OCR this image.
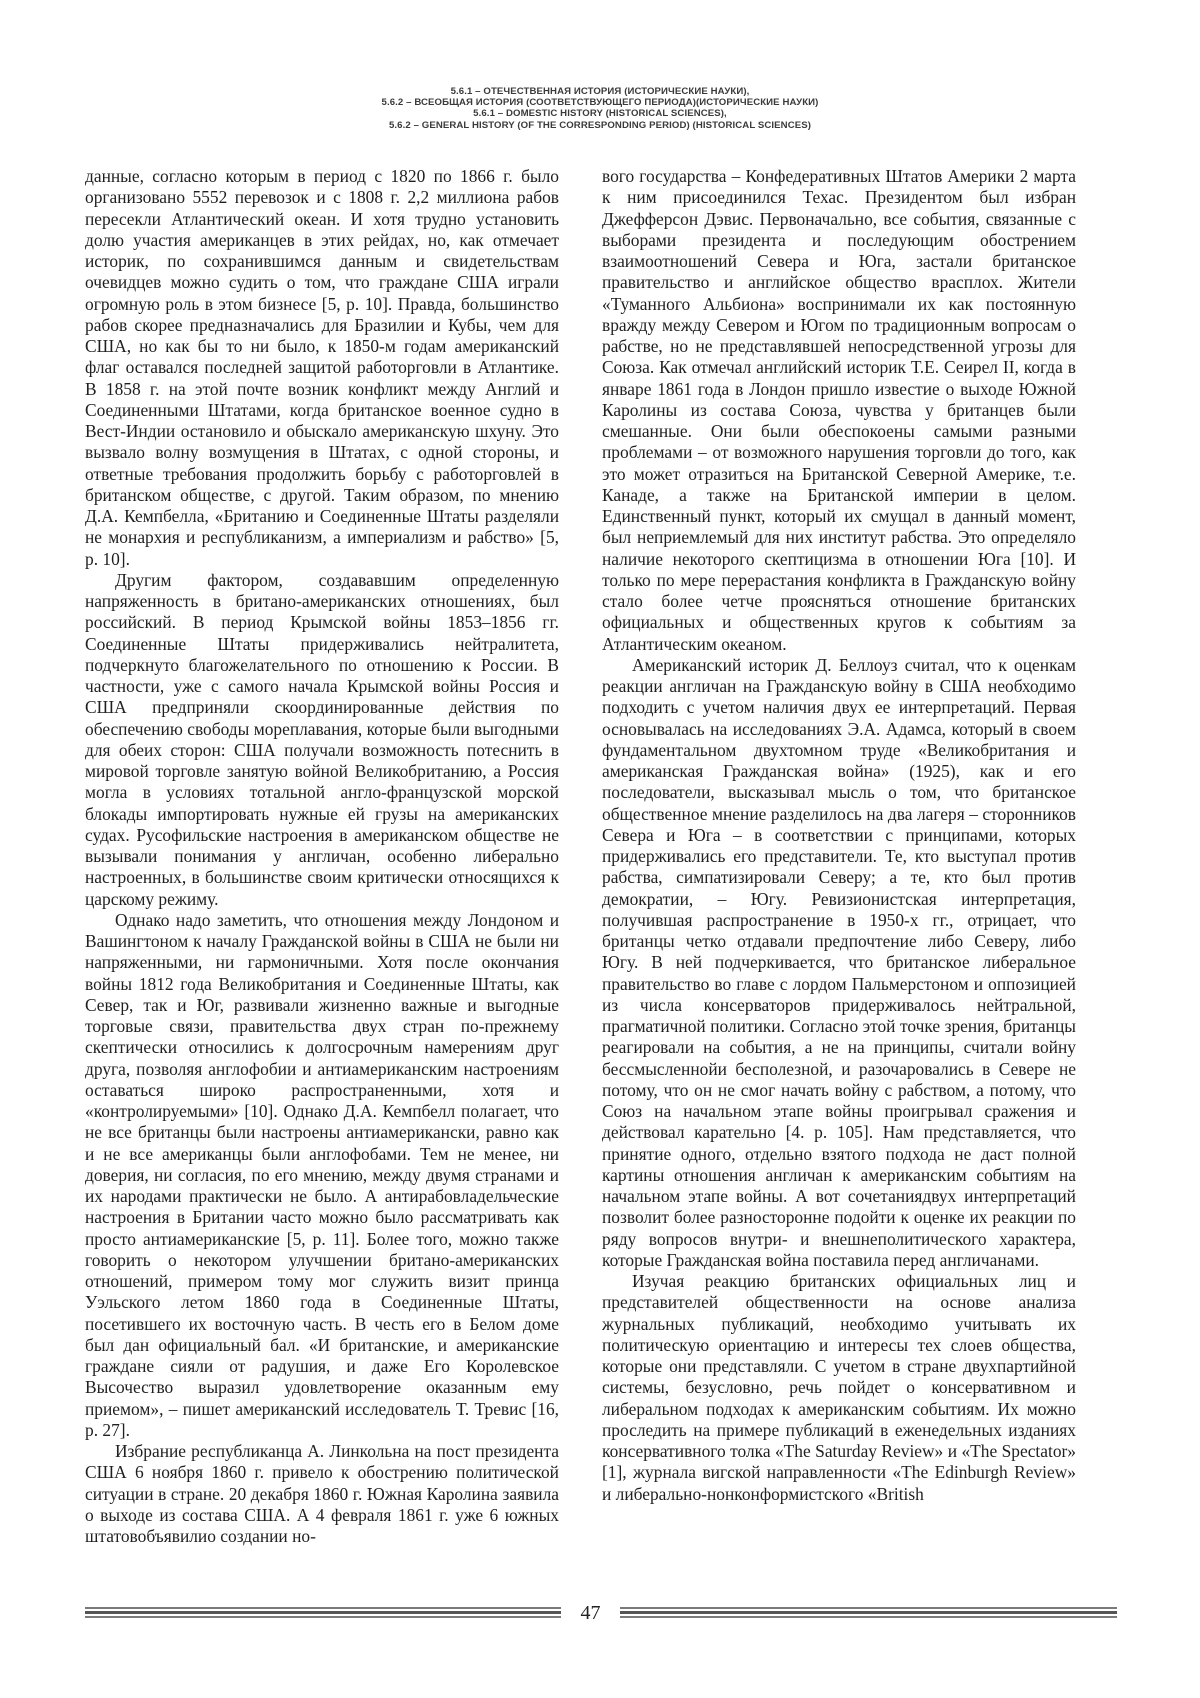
5.6.1 – ОТЕЧЕСТВЕННАЯ ИСТОРИЯ (ИСТОРИЧЕСКИЕ НАУКИ),
5.6.2 – ВСЕОБЩАЯ ИСТОРИЯ (СООТВЕТСТВУЮЩЕГО ПЕРИОДА)(ИСТОРИЧЕСКИЕ НАУКИ)
5.6.1 – DOMESTIC HISTORY (HISTORICAL SCIENCES),
5.6.2 – GENERAL HISTORY (OF THE CORRESPONDING PERIOD) (HISTORICAL SCIENCES)

данные, согласно которым в период с 1820 по 1866 г. было организовано 5552 перевозок и с 1808 г. 2,2 миллиона рабов пересекли Атлантический океан. И хотя трудно установить долю участия американцев в этих рейдах, но, как отмечает историк, по сохранившимся данным и свидетельствам очевидцев можно судить о том, что граждане США играли огромную роль в этом бизнесе [5, p. 10]. Правда, большинство рабов скорее предназначались для Бразилии и Кубы, чем для США, но как бы то ни было, к 1850-м годам американский флаг оставался последней защитой работорговли в Атлантике. В 1858 г. на этой почте возник конфликт между Англий и Соединенными Штатами, когда британское военное судно в Вест-Индии остановило и обыскало американскую шхуну. Это вызвало волну возмущения в Штатах, с одной стороны, и ответные требования продолжить борьбу с работорговлей в британском обществе, с другой. Таким образом, по мнению Д.А. Кемпбелла, «Британию и Соединенные Штаты разделяли не монархия и республиканизм, а империализм и рабство» [5, p. 10].

Другим фактором, создававшим определенную напряженность в британо-американских отношениях, был российский. В период Крымской войны 1853–1856 гг. Соединенные Штаты придерживались нейтралитета, подчеркнуто благожелательного по отношению к России. В частности, уже с самого начала Крымской войны Россия и США предприняли скоординированные действия по обеспечению свободы мореплавания, которые были выгодными для обеих сторон: США получали возможность потеснить в мировой торговле занятую войной Великобританию, а Россия могла в условиях тотальной англо-французской морской блокады импортировать нужные ей грузы на американских судах. Русофильские настроения в американском обществе не вызывали понимания у англичан, особенно либерально настроенных, в большинстве своим критически относящихся к царскому режиму.

Однако надо заметить, что отношения между Лондоном и Вашингтоном к началу Гражданской войны в США не были ни напряженными, ни гармоничными. Хотя после окончания войны 1812 года Великобритания и Соединенные Штаты, как Север, так и Юг, развивали жизненно важные и выгодные торговые связи, правительства двух стран по-прежнему скептически относились к долгосрочным намерениям друг друга, позволяя англофобии и антиамериканским настроениям оставаться широко распространенными, хотя и «контролируемыми» [10]. Однако Д.А. Кемпбелл полагает, что не все британцы были настроены антиамерикански, равно как и не все американцы были англофобами. Тем не менее, ни доверия, ни согласия, по его мнению, между двумя странами и их народами практически не было. А антирабовладельческие настроения в Британии часто можно было рассматривать как просто антиамериканские [5, p. 11]. Более того, можно также говорить о некотором улучшении британо-американских отношений, примером тому мог служить визит принца Уэльского летом 1860 года в Соединенные Штаты, посетившего их восточную часть. В честь его в Белом доме был дан официальный бал. «И британские, и американские граждане сияли от радушия, и даже Его Королевское Высочество выразил удовлетворение оказанным ему приемом», – пишет американский исследователь Т. Тревис [16, p. 27].

Избрание республиканца А. Линкольна на пост президента США 6 ноября 1860 г. привело к обострению политической ситуации в стране. 20 декабря 1860 г. Южная Каролина заявила о выходе из состава США. А 4 февраля 1861 г. уже 6 южных штатовобъявилио создании но-

вого государства – Конфедеративных Штатов Америки 2 марта к ним присоединился Техас. Президентом был избран Джефферсон Дэвис. Первоначально, все события, связанные с выборами президента и последующим обострением взаимоотношений Севера и Юга, застали британское правительство и английское общество врасплох. Жители «Туманного Альбиона» воспринимали их как постоянную вражду между Севером и Югом по традиционным вопросам о рабстве, но не представлявшей непосредственной угрозы для Союза. Как отмечал английский историк Т.Е. Сеирел II, когда в январе 1861 года в Лондон пришло известие о выходе Южной Каролины из состава Союза, чувства у британцев были смешанные. Они были обеспокоены самыми разными проблемами – от возможного нарушения торговли до того, как это может отразиться на Британской Северной Америке, т.е. Канаде, а также на Британской империи в целом. Единственный пункт, который их смущал в данный момент, был неприемлемый для них институт рабства. Это определяло наличие некоторого скептицизма в отношении Юга [10]. И только по мере перерастания конфликта в Гражданскую войну стало более четче проясняться отношение британских официальных и общественных кругов к событиям за Атлантическим океаном.

Американский историк Д. Беллоуз считал, что к оценкам реакции англичан на Гражданскую войну в США необходимо подходить с учетом наличия двух ее интерпретаций. Первая основывалась на исследованиях Э.А. Адамса, который в своем фундаментальном двухтомном труде «Великобритания и американская Гражданская война» (1925), как и его последователи, высказывал мысль о том, что британское общественное мнение разделилось на два лагеря – сторонников Севера и Юга – в соответствии с принципами, которых придерживались его представители. Те, кто выступал против рабства, симпатизировали Северу; а те, кто был против демократии, – Югу. Ревизионистская интерпретация, получившая распространение в 1950-х гг., отрицает, что британцы четко отдавали предпочтение либо Северу, либо Югу. В ней подчеркивается, что британское либеральное правительство во главе с лордом Пальмерстоном и оппозицией из числа консерваторов придерживалось нейтральной, прагматичной политики. Согласно этой точке зрения, британцы реагировали на события, а не на принципы, считали войну бессмысленнойи бесполезной, и разочаровались в Севере не потому, что он не смог начать войну с рабством, а потому, что Союз на начальном этапе войны проигрывал сражения и действовал карательно [4. p. 105]. Нам представляется, что принятие одного, отдельно взятого подхода не даст полной картины отношения англичан к американским событиям на начальном этапе войны. А вот сочетаниядвух интерпретаций позволит более разносторонне подойти к оценке их реакции по ряду вопросов внутри- и внешнеполитического характера, которые Гражданская война поставила перед англичанами.

Изучая реакцию британских официальных лиц и представителей общественности на основе анализа журнальных публикаций, необходимо учитывать их политическую ориентацию и интересы тех слоев общества, которые они представляли. С учетом в стране двухпартийной системы, безусловно, речь пойдет о консервативном и либеральном подходах к американским событиям. Их можно проследить на примере публикаций в еженедельных изданиях консервативного толка «The Saturday Review» и «The Spectator» [1], журнала вигской направленности «The Edinburgh Review» и либерально-нонконформистского «British

47
